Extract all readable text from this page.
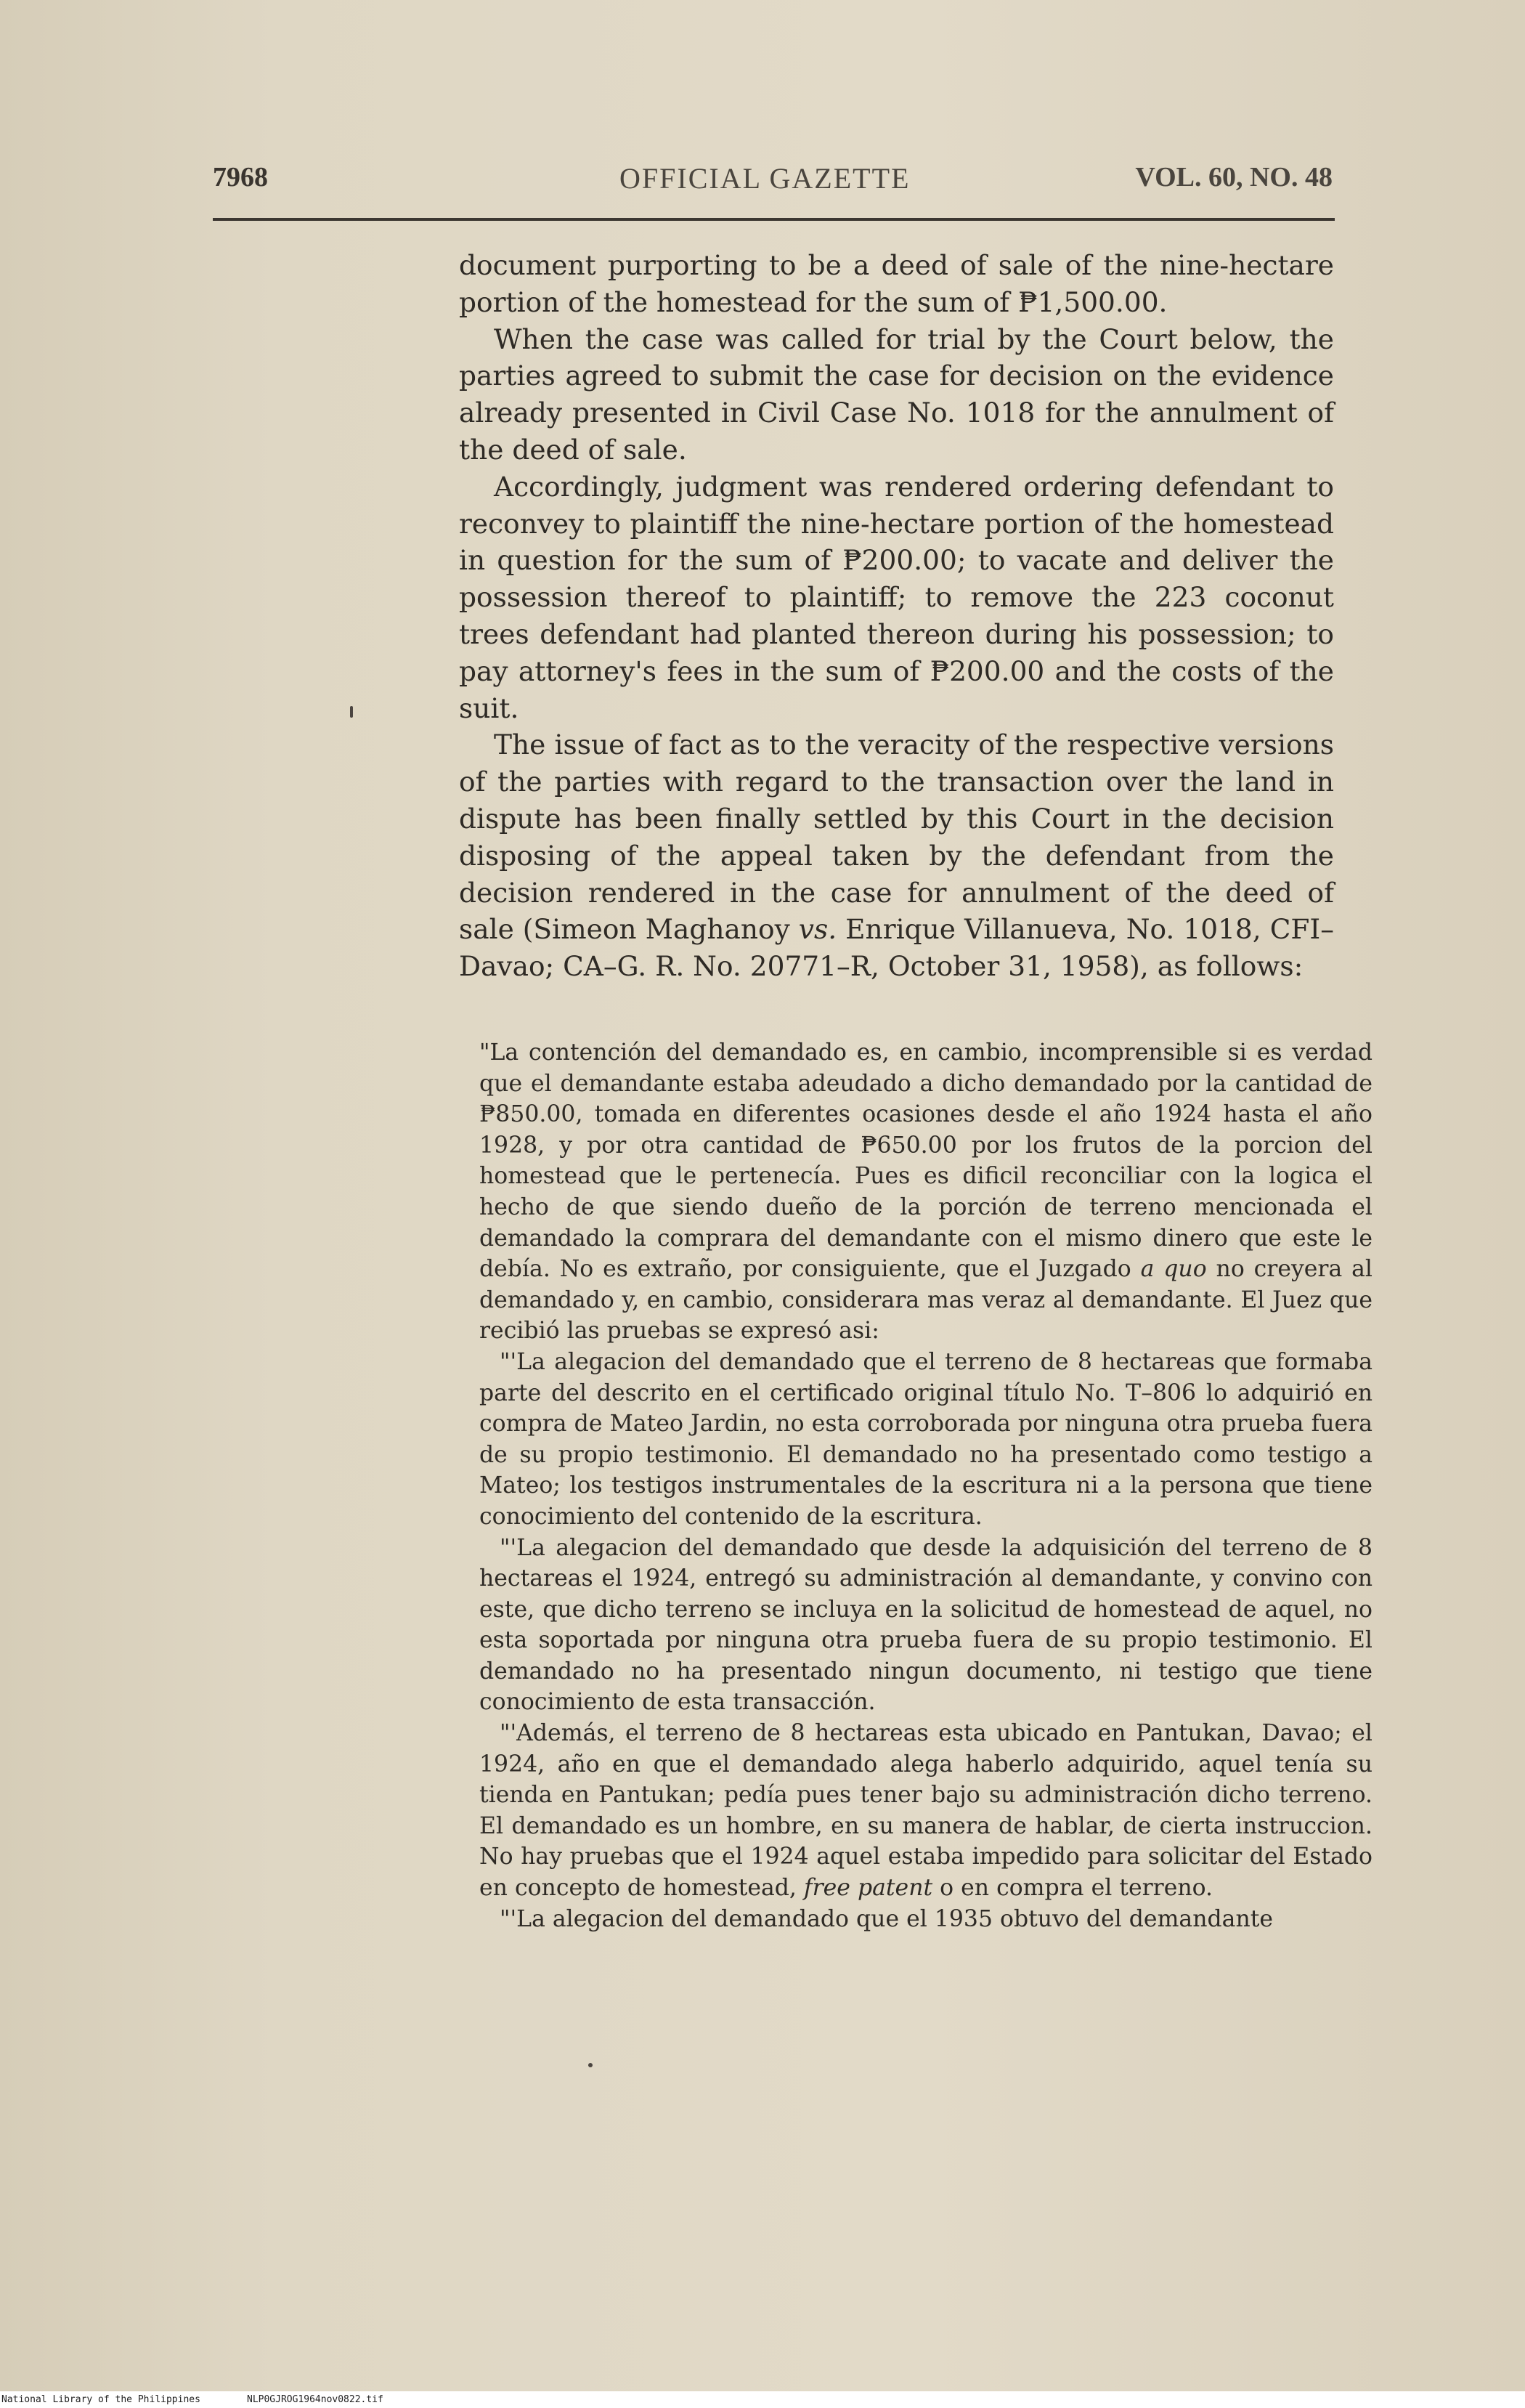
7968	OFFICIAL GAZETTE	VOL. 60, NO. 48

document purporting to be a deed of sale of the nine-hectare portion of the homestead for the sum of ₱1,500.00.

When the case was called for trial by the Court below, the parties agreed to submit the case for decision on the evidence already presented in Civil Case No. 1018 for the annulment of the deed of sale.

Accordingly, judgment was rendered ordering defendant to reconvey to plaintiff the nine-hectare portion of the homestead in question for the sum of ₱200.00; to vacate and deliver the possession thereof to plaintiff; to remove the 223 coconut trees defendant had planted thereon during his possession; to pay attorney's fees in the sum of ₱200.00 and the costs of the suit.

The issue of fact as to the veracity of the respective versions of the parties with regard to the transaction over the land in dispute has been finally settled by this Court in the decision disposing of the appeal taken by the defendant from the decision rendered in the case for annulment of the deed of sale (Simeon Maghanoy vs. Enrique Villanueva, No. 1018, CFI–Davao; CA–G. R. No. 20771–R, October 31, 1958), as follows:

"La contención del demandado es, en cambio, incomprensible si es verdad que el demandante estaba adeudado a dicho demandado por la cantidad de ₱850.00, tomada en diferentes ocasiones desde el año 1924 hasta el año 1928, y por otra cantidad de ₱650.00 por los frutos de la porcion del homestead que le pertenecía. Pues es dificil reconciliar con la logica el hecho de que siendo dueño de la porción de terreno mencionada el demandado la comprara del demandante con el mismo dinero que este le debía. No es extraño, por consiguiente, que el Juzgado a quo no creyera al demandado y, en cambio, considerara mas veraz al demandante. El Juez que recibió las pruebas se expresó asi:

"'La alegacion del demandado que el terreno de 8 hectareas que formaba parte del descrito en el certificado original título No. T–806 lo adquirió en compra de Mateo Jardin, no esta corroborada por ninguna otra prueba fuera de su propio testimonio. El demandado no ha presentado como testigo a Mateo; los testigos instrumentales de la escritura ni a la persona que tiene conocimiento del contenido de la escritura.

"'La alegacion del demandado que desde la adquisición del terreno de 8 hectareas el 1924, entregó su administración al demandante, y convino con este, que dicho terreno se incluya en la solicitud de homestead de aquel, no esta soportada por ninguna otra prueba fuera de su propio testimonio. El demandado no ha presentado ningun documento, ni testigo que tiene conocimiento de esta transacción.

"'Además, el terreno de 8 hectareas esta ubicado en Pantukan, Davao; el 1924, año en que el demandado alega haberlo adquirido, aquel tenía su tienda en Pantukan; pedía pues tener bajo su administración dicho terreno. El demandado es un hombre, en su manera de hablar, de cierta instruccion. No hay pruebas que el 1924 aquel estaba impedido para solicitar del Estado en concepto de homestead, free patent o en compra el terreno.

"'La alegacion del demandado que el 1935 obtuvo del demandante

National Library of the Philippines	NLP0GJROG1964nov0822.tif
